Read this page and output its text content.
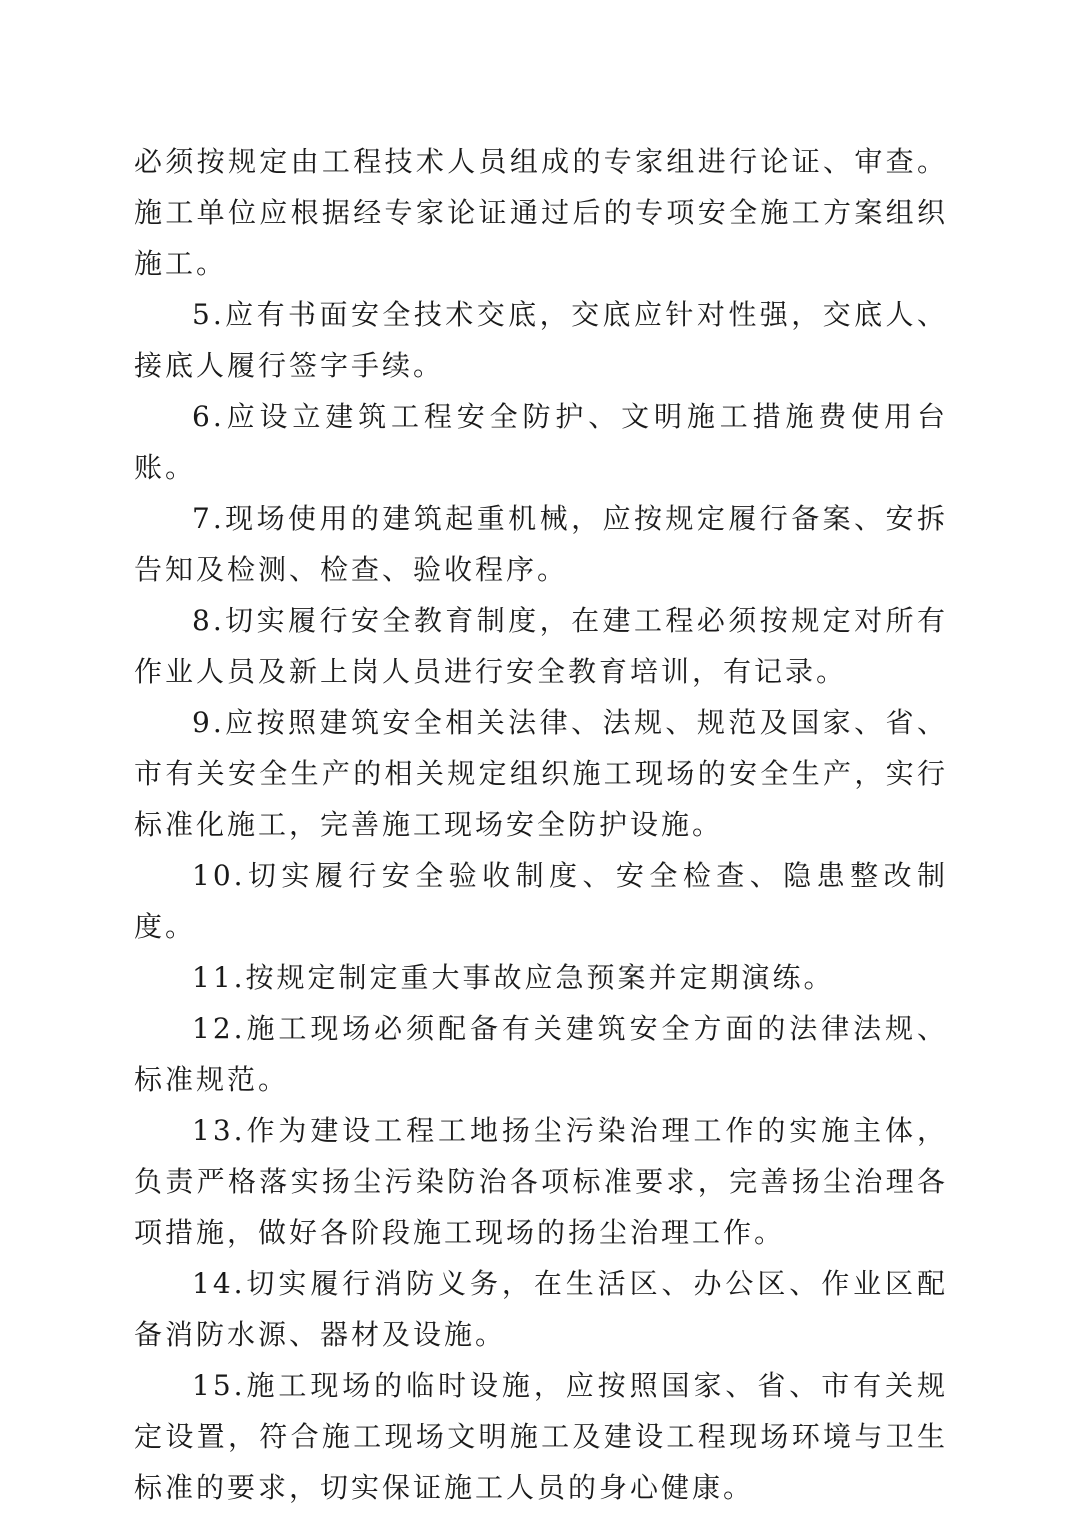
必须按规定由工程技术人员组成的专家组进行论证、审查。施工单位应根据经专家论证通过后的专项安全施工方案组织施工。

5.应有书面安全技术交底，交底应针对性强，交底人、接底人履行签字手续。

6.应设立建筑工程安全防护、文明施工措施费使用台账。

7.现场使用的建筑起重机械，应按规定履行备案、安拆告知及检测、检查、验收程序。

8.切实履行安全教育制度，在建工程必须按规定对所有作业人员及新上岗人员进行安全教育培训，有记录。

9.应按照建筑安全相关法律、法规、规范及国家、省、市有关安全生产的相关规定组织施工现场的安全生产，实行标准化施工，完善施工现场安全防护设施。

10.切实履行安全验收制度、安全检查、隐患整改制度。

11.按规定制定重大事故应急预案并定期演练。

12.施工现场必须配备有关建筑安全方面的法律法规、标准规范。

13.作为建设工程工地扬尘污染治理工作的实施主体，负责严格落实扬尘污染防治各项标准要求，完善扬尘治理各项措施，做好各阶段施工现场的扬尘治理工作。

14.切实履行消防义务，在生活区、办公区、作业区配备消防水源、器材及设施。

15.施工现场的临时设施，应按照国家、省、市有关规定设置，符合施工现场文明施工及建设工程现场环境与卫生标准的要求，切实保证施工人员的身心健康。
